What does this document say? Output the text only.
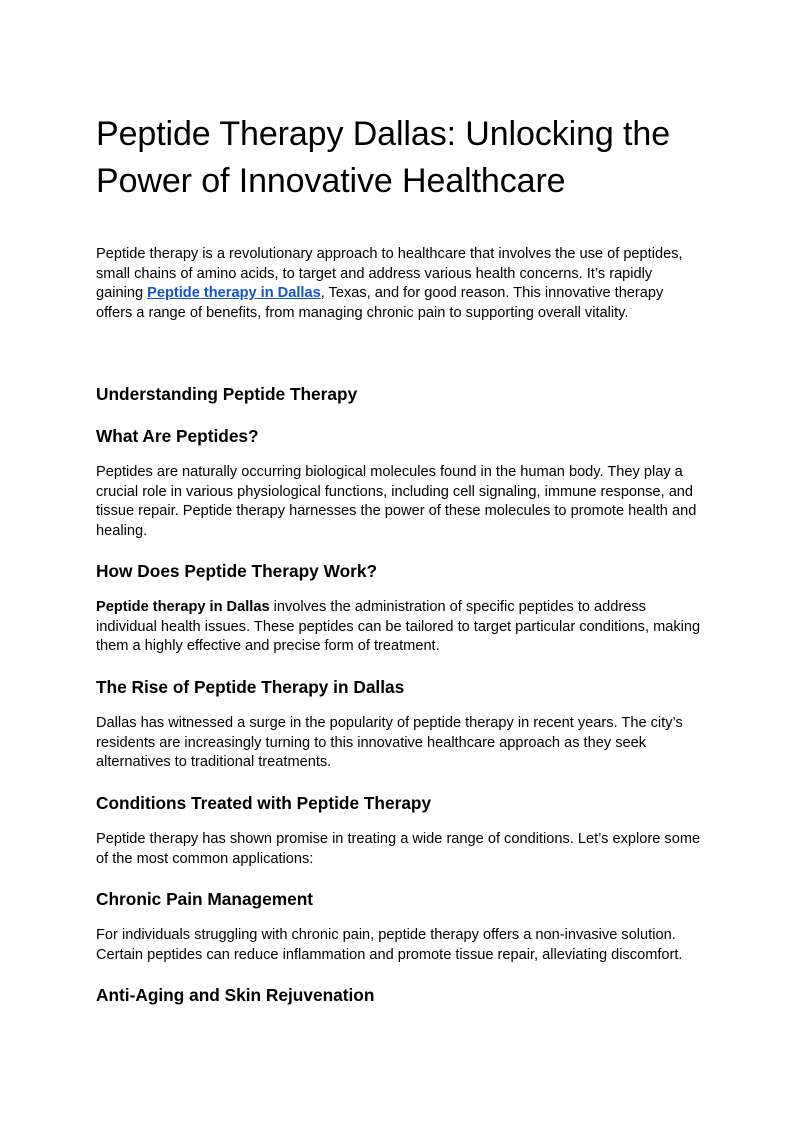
Peptide Therapy Dallas: Unlocking the Power of Innovative Healthcare

Peptide therapy is a revolutionary approach to healthcare that involves the use of peptides, small chains of amino acids, to target and address various health concerns. It’s rapidly gaining Peptide therapy in Dallas, Texas, and for good reason. This innovative therapy offers a range of benefits, from managing chronic pain to supporting overall vitality.

Understanding Peptide Therapy
What Are Peptides?

Peptides are naturally occurring biological molecules found in the human body. They play a crucial role in various physiological functions, including cell signaling, immune response, and tissue repair. Peptide therapy harnesses the power of these molecules to promote health and healing.

How Does Peptide Therapy Work?

Peptide therapy in Dallas involves the administration of specific peptides to address individual health issues. These peptides can be tailored to target particular conditions, making them a highly effective and precise form of treatment.

The Rise of Peptide Therapy in Dallas

Dallas has witnessed a surge in the popularity of peptide therapy in recent years. The city’s residents are increasingly turning to this innovative healthcare approach as they seek alternatives to traditional treatments.

Conditions Treated with Peptide Therapy

Peptide therapy has shown promise in treating a wide range of conditions. Let’s explore some of the most common applications:

Chronic Pain Management

For individuals struggling with chronic pain, peptide therapy offers a non-invasive solution. Certain peptides can reduce inflammation and promote tissue repair, alleviating discomfort.

Anti-Aging and Skin Rejuvenation
